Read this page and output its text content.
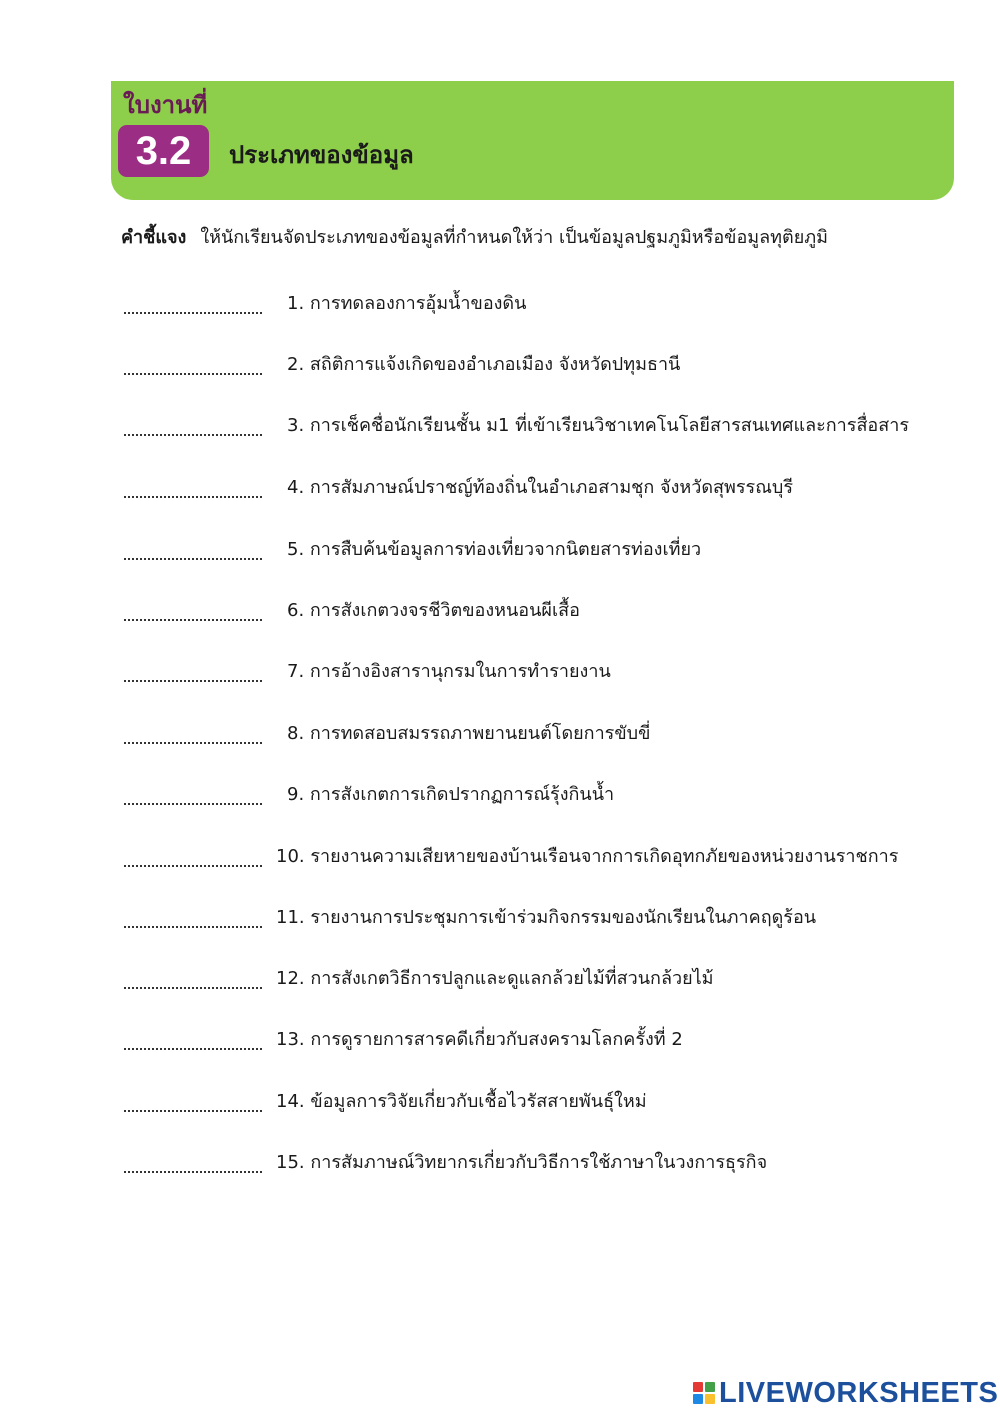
ใบงานที่
3.2	ประเภทของข้อมูล
คำชี้แจง ให้นักเรียนจัดประเภทของข้อมูลที่กำหนดให้ว่า เป็นข้อมูลปฐมภูมิหรือข้อมูลทุติยภูมิ
1. การทดลองการอุ้มน้ำของดิน
2. สถิติการแจ้งเกิดของอำเภอเมือง จังหวัดปทุมธานี
3. การเช็คชื่อนักเรียนชั้น ม1 ที่เข้าเรียนวิชาเทคโนโลยีสารสนเทศและการสื่อสาร
4. การสัมภาษณ์ปราชญ์ท้องถิ่นในอำเภอสามชุก จังหวัดสุพรรณบุรี
5. การสืบค้นข้อมูลการท่องเที่ยวจากนิตยสารท่องเที่ยว
6. การสังเกตวงจรชีวิตของหนอนผีเสื้อ
7. การอ้างอิงสารานุกรมในการทำรายงาน
8. การทดสอบสมรรถภาพยานยนต์โดยการขับขี่
9. การสังเกตการเกิดปรากฏการณ์รุ้งกินน้ำ
10. รายงานความเสียหายของบ้านเรือนจากการเกิดอุทกภัยของหน่วยงานราชการ
11. รายงานการประชุมการเข้าร่วมกิจกรรมของนักเรียนในภาคฤดูร้อน
12. การสังเกตวิธีการปลูกและดูแลกล้วยไม้ที่สวนกล้วยไม้
13. การดูรายการสารคดีเกี่ยวกับสงครามโลกครั้งที่ 2
14. ข้อมูลการวิจัยเกี่ยวกับเชื้อไวรัสสายพันธุ์ใหม่
15. การสัมภาษณ์วิทยากรเกี่ยวกับวิธีการใช้ภาษาในวงการธุรกิจ
LIVEWORKSHEETS
